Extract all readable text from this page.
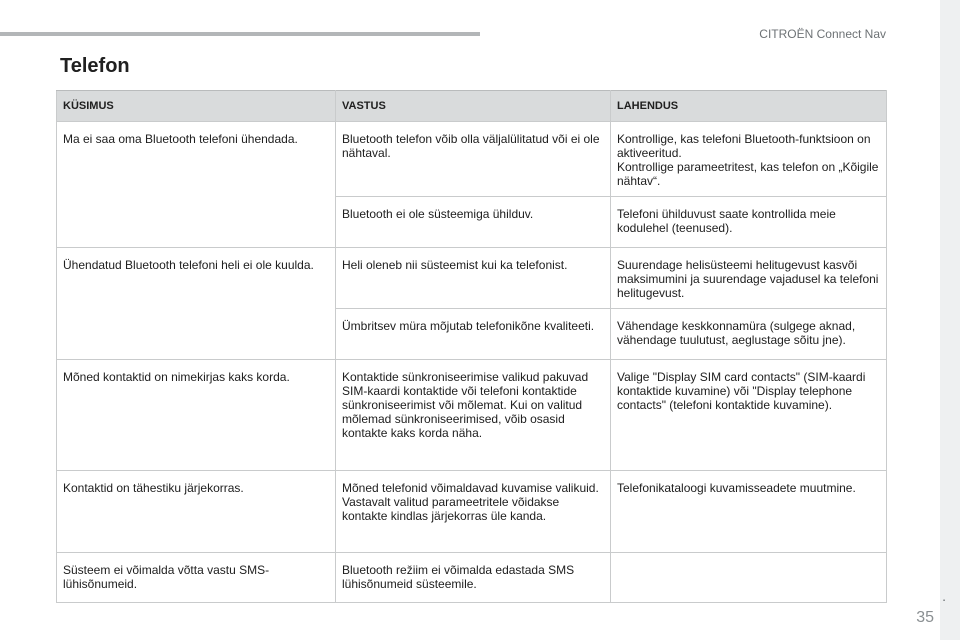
CITROËN Connect Nav
.
35
Telefon
KÜSIMUS	VASTUS	LAHENDUS
Ma ei saa oma Bluetooth telefoni ühendada.	Bluetooth telefon võib olla väljalülitatud või ei ole nähtaval.	Kontrollige, kas telefoni Bluetooth-funktsioon on aktiveeritud.
Kontrollige parameetritest, kas telefon on „Kõigile nähtav“.

	Bluetooth ei ole süsteemiga ühilduv.	Telefoni ühilduvust saate kontrollida meie kodulehel (teenused).

Ühendatud Bluetooth telefoni heli ei ole kuulda.	Heli oleneb nii süsteemist kui ka telefonist.	Suurendage helisüsteemi helitugevust kasvõi maksimumini ja suurendage vajadusel ka telefoni helitugevust.

	Ümbritsev müra mõjutab telefonikõne kvaliteeti.	Vähendage keskkonnamüra (sulgege aknad, vähendage tuulutust, aeglustage sõitu jne).

Mõned kontaktid on nimekirjas kaks korda.	Kontaktide sünkroniseerimise valikud pakuvad SIM-kaardi kontaktide või telefoni kontaktide sünkroniseerimist või mõlemat. Kui on valitud mõlemad sünkroniseerimised, võib osasid kontakte kaks korda näha.	Valige "Display SIM card contacts" (SIM-kaardi kontaktide kuvamine) või "Display telephone contacts" (telefoni kontaktide kuvamine).

Kontaktid on tähestiku järjekorras.	Mõned telefonid võimaldavad kuvamise valikuid. Vastavalt valitud parameetritele võidakse kontakte kindlas järjekorras üle kanda.	Telefonikataloogi kuvamisseadete muutmine.

Süsteem ei võimalda võtta vastu SMS-lühisõnumeid.	Bluetooth režiim ei võimalda edastada SMS lühisõnumeid süsteemile.	
